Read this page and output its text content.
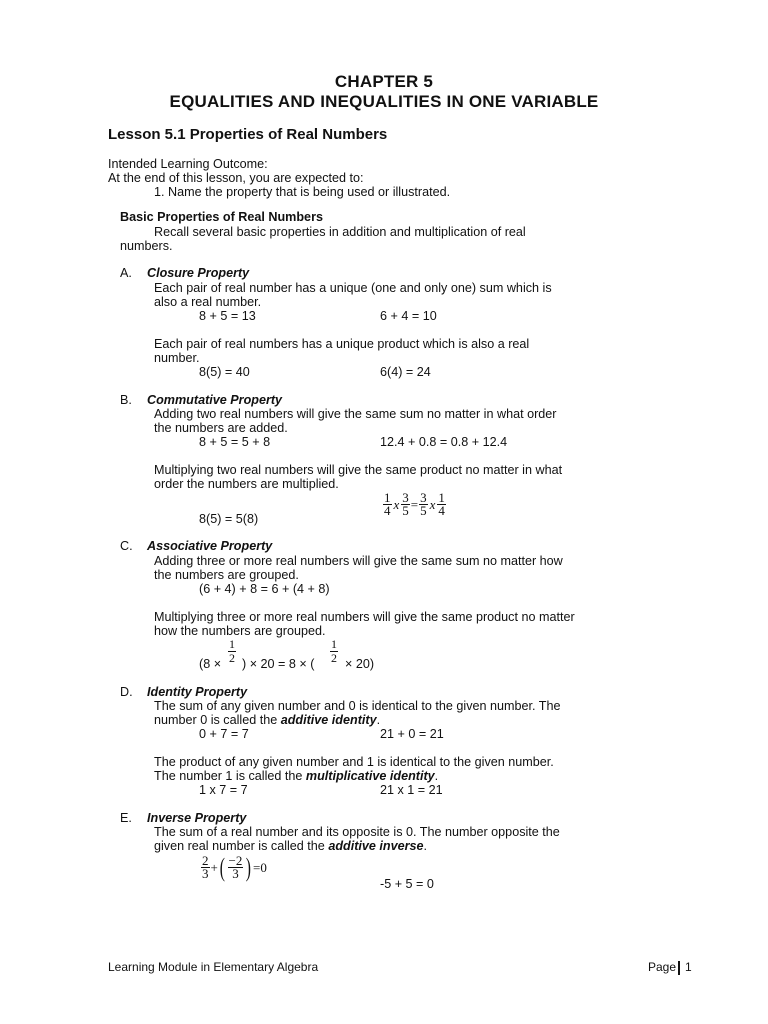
CHAPTER 5
EQUALITIES AND INEQUALITIES IN ONE VARIABLE
Lesson 5.1 Properties of Real Numbers
Intended Learning Outcome:
At the end of this lesson, you are expected to:
1. Name the property that is being used or illustrated.
Basic Properties of Real Numbers
Recall several basic properties in addition and multiplication of real
numbers.
A. Closure Property
Each pair of real number has a unique (one and only one) sum which is
also a real number.
8 + 5 = 13	6 + 4 = 10
Each pair of real numbers has a unique product which is also a real
number.
8(5) = 40	6(4) = 24
B. Commutative Property
Adding two real numbers will give the same sum no matter in what order
the numbers are added.
8 + 5 = 5 + 8	12.4 + 0.8 = 0.8 + 12.4
Multiplying two real numbers will give the same product no matter in what
order the numbers are multiplied.
$\frac{1}{4}$ x $\frac{3}{5} = \frac{3}{5}$ x $\frac{1}{4}$
8(5) = 5(8)
C. Associative Property
Adding three or more real numbers will give the same sum no matter how
the numbers are grouped.
(6 + 4) + 8 = 6 + (4 + 8)
Multiplying three or more real numbers will give the same product no matter
how the numbers are grouped.
$\frac{1}{2}$	$\frac{1}{2}$
(8 × ) × 20 = 8 × ( × 20)
D. Identity Property
The sum of any given number and 0 is identical to the given number. The
number 0 is called the additive identity.
0 + 7 = 7	21 + 0 = 21
The product of any given number and 1 is identical to the given number.
The number 1 is called the multiplicative identity.
1 x 7 = 7	21 x 1 = 21
E. Inverse Property
The sum of a real number and its opposite is 0. The number opposite the
given real number is called the additive inverse.
$\frac{2}{3}$ + ( $\frac{-2}{3}$ ) =0
-5 + 5 = 0
Learning Module in Elementary Algebra	Page 1
